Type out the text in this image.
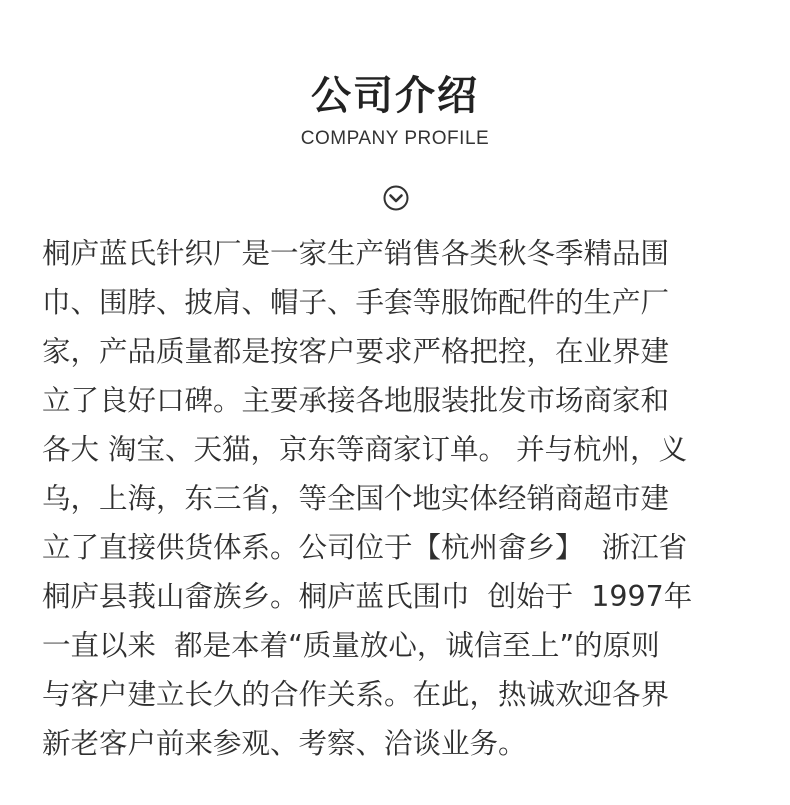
公司介绍
COMPANY PROFILE
桐庐蓝氏针织厂是一家生产销售各类秋冬季精品围
巾、围脖、披肩、帽子、手套等服饰配件的生产厂
家，产品质量都是按客户要求严格把控，在业界建
立了良好口碑。主要承接各地服装批发市场商家和
各大 淘宝、天猫，京东等商家订单。 并与杭州，义
乌，上海，东三省，等全国个地实体经销商超市建
立了直接供货体系。公司位于【杭州畲乡】  浙江省
桐庐县莪山畲族乡。桐庐蓝氏围巾  创始于  1997年
一直以来  都是本着“质量放心，诚信至上”的原则
与客户建立长久的合作关系。在此，热诚欢迎各界
新老客户前来参观、考察、洽谈业务。
